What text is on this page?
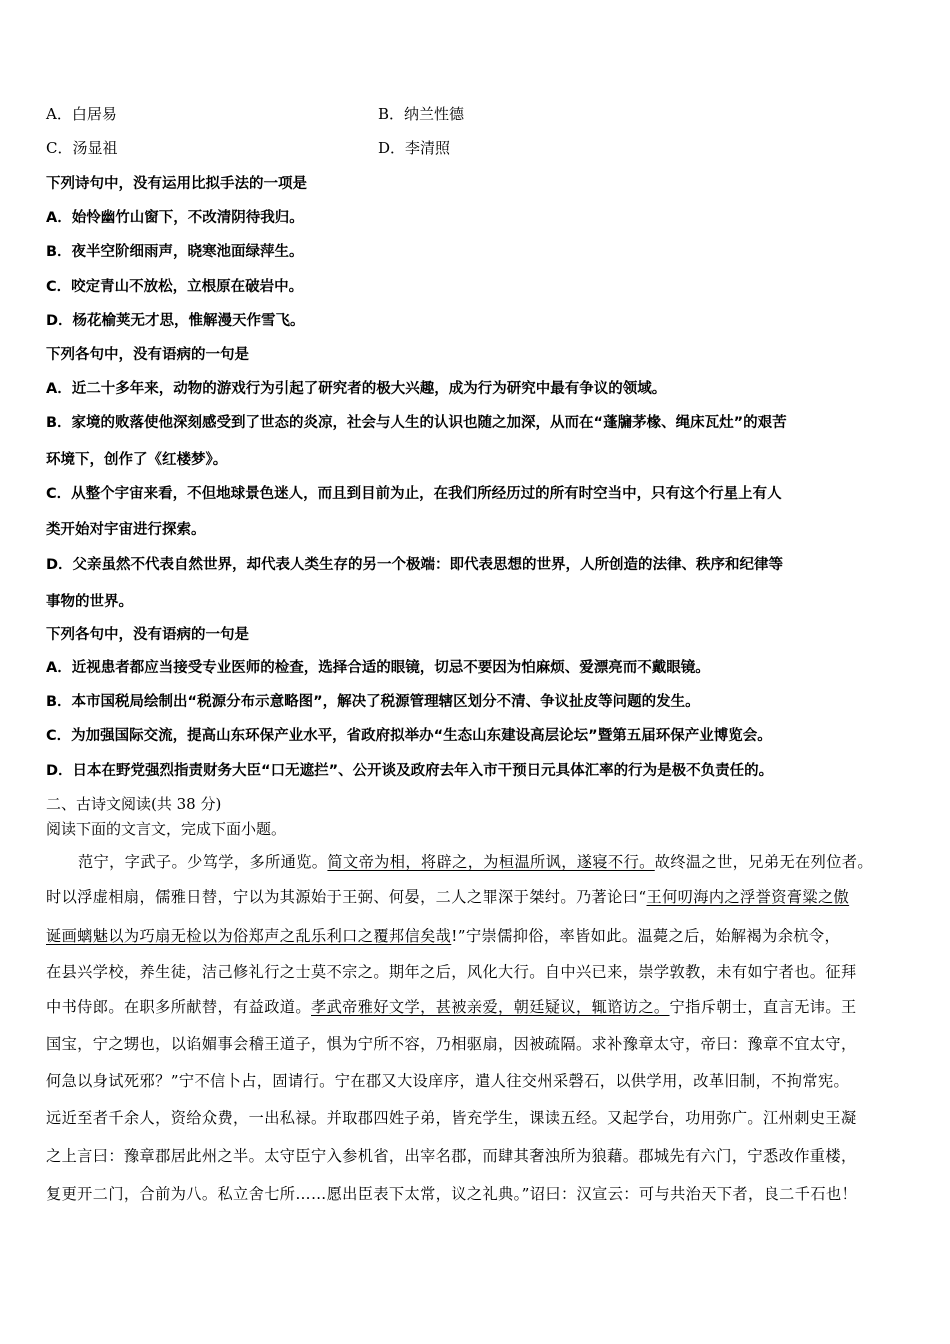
A．白居易	B．纳兰性德
C．汤显祖	D．李清照
下列诗句中，没有运用比拟手法的一项是
A．始怜幽竹山窗下，不改清阴待我归。
B．夜半空阶细雨声，晓寒池面绿萍生。
C．咬定青山不放松，立根原在破岩中。
D．杨花榆荚无才思，惟解漫天作雪飞。
下列各句中，没有语病的一句是
A．近二十多年来，动物的游戏行为引起了研究者的极大兴趣，成为行为研究中最有争议的领域。
B．家境的败落使他深刻感受到了世态的炎凉，社会与人生的认识也随之加深，从而在“蓬牖茅椽、绳床瓦灶”的艰苦
环境下，创作了《红楼梦》。
C．从整个宇宙来看，不但地球景色迷人，而且到目前为止，在我们所经历过的所有时空当中，只有这个行星上有人
类开始对宇宙进行探索。
D．父亲虽然不代表自然世界，却代表人类生存的另一个极端：即代表思想的世界，人所创造的法律、秩序和纪律等
事物的世界。
下列各句中，没有语病的一句是
A．近视患者都应当接受专业医师的检查，选择合适的眼镜，切忌不要因为怕麻烦、爱漂亮而不戴眼镜。
B．本市国税局绘制出“税源分布示意略图”，解决了税源管理辖区划分不清、争议扯皮等问题的发生。
C．为加强国际交流，提高山东环保产业水平，省政府拟举办“生态山东建设高层论坛”暨第五届环保产业博览会。
D．日本在野党强烈指责财务大臣“口无遮拦”、公开谈及政府去年入市干预日元具体汇率的行为是极不负责任的。
二、古诗文阅读(共 38 分)
阅读下面的文言文，完成下面小题。
范宁，字武子。少笃学，多所通览。简文帝为相，将辟之，为桓温所讽，遂寝不行。故终温之世，兄弟无在列位者。
时以浮虚相扇，儒雅日替，宁以为其源始于王弼、何晏，二人之罪深于桀纣。乃著论曰“王何叨海内之浮誉资膏粱之傲
诞画螭魅以为巧扇无检以为俗郑声之乱乐利口之覆邦信矣哉!”宁崇儒抑俗，率皆如此。温薨之后，始解褐为余杭令，
在县兴学校，养生徒，洁己修礼行之士莫不宗之。期年之后，风化大行。自中兴已来，崇学敦教，未有如宁者也。征拜
中书侍郎。在职多所献替，有益政道。孝武帝雅好文学，甚被亲爱，朝廷疑议，辄谘访之。宁指斥朝士，直言无讳。王
国宝，宁之甥也，以谄媚事会稽王道子，惧为宁所不容，乃相驱扇，因被疏隔。求补豫章太守，帝曰：豫章不宜太守，
何急以身试死邪？”宁不信卜占，固请行。宁在郡又大设庠序，遣人往交州采磬石，以供学用，改革旧制，不拘常宪。
远近至者千余人，资给众费，一出私禄。并取郡四姓子弟，皆充学生，课读五经。又起学台，功用弥广。江州刺史王凝
之上言曰：豫章郡居此州之半。太守臣宁入参机省，出宰名郡，而肆其奢浊所为狼藉。郡城先有六门，宁悉改作重楼，
复更开二门，合前为八。私立舍七所……愿出臣表下太常，议之礼典。”诏曰：汉宣云：可与共治天下者，良二千石也！
